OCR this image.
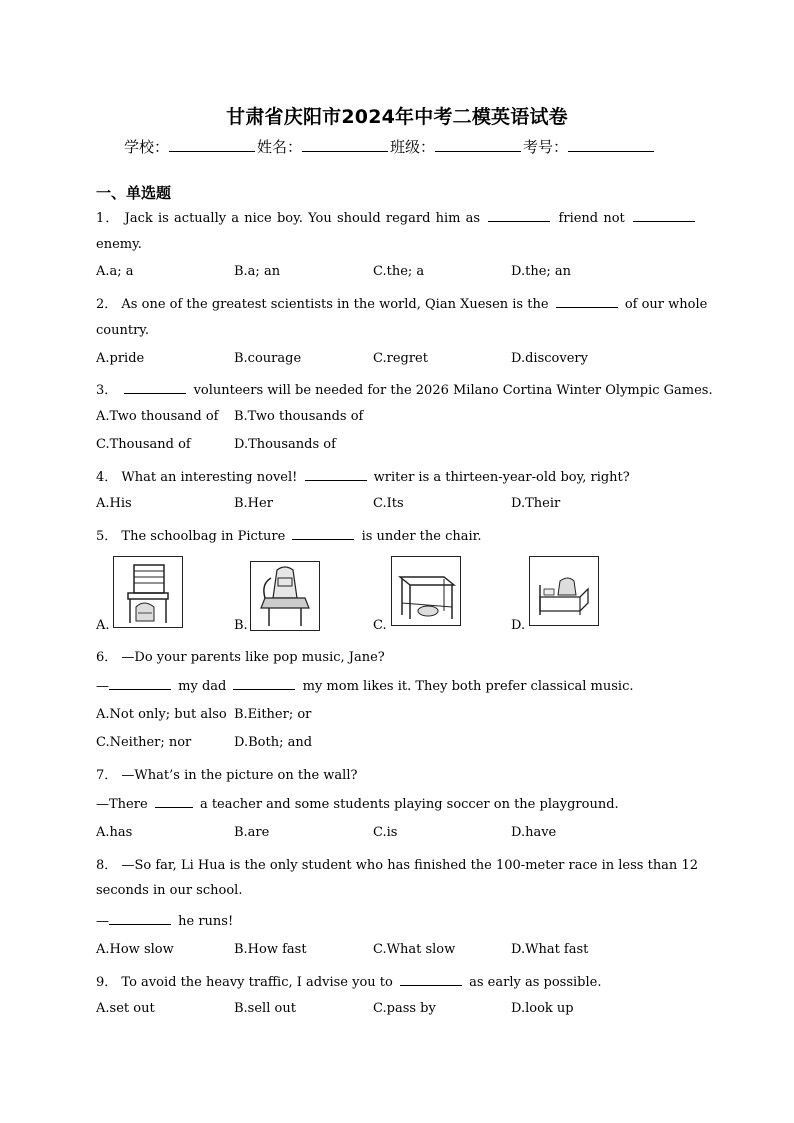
甘肃省庆阳市2024年中考二模英语试卷
学校：	姓名：	班级：	考号：
一、单选题
1． Jack is actually a nice boy. You should regard him as	friend not
enemy.
A.a; a	B.a; an	C.the; a	D.the; an
2． As one of the greatest scientists in the world, Qian Xuesen is the	of our whole
country.
A.pride	B.courage	C.regret	D.discovery
3．	volunteers will be needed for the 2026 Milano Cortina Winter Olympic Games.
A.Two thousand of B.Two thousands of
C.Thousand of	D.Thousands of
4． What an interesting novel!	writer is a thirteen-year-old boy, right?
A.His	B.Her	C.Its	D.Their
5． The schoolbag in Picture	is under the chair.
A.	B.	C.	D.
6． —Do your parents like pop music, Jane?
—	my dad	my mom likes it. They both prefer classical music.
A.Not only; but also B.Either; or
C.Neither; nor	D.Both; and
7． —What’s in the picture on the wall?
—There	a teacher and some students playing soccer on the playground.
A.has	B.are	C.is	D.have
8． —So far, Li Hua is the only student who has finished the 100-meter race in less than 12
seconds in our school.
—	he runs!
A.How slow	B.How fast	C.What slow	D.What fast
9． To avoid the heavy traffic, I advise you to	as early as possible.
A.set out	B.sell out	C.pass by	D.look up
